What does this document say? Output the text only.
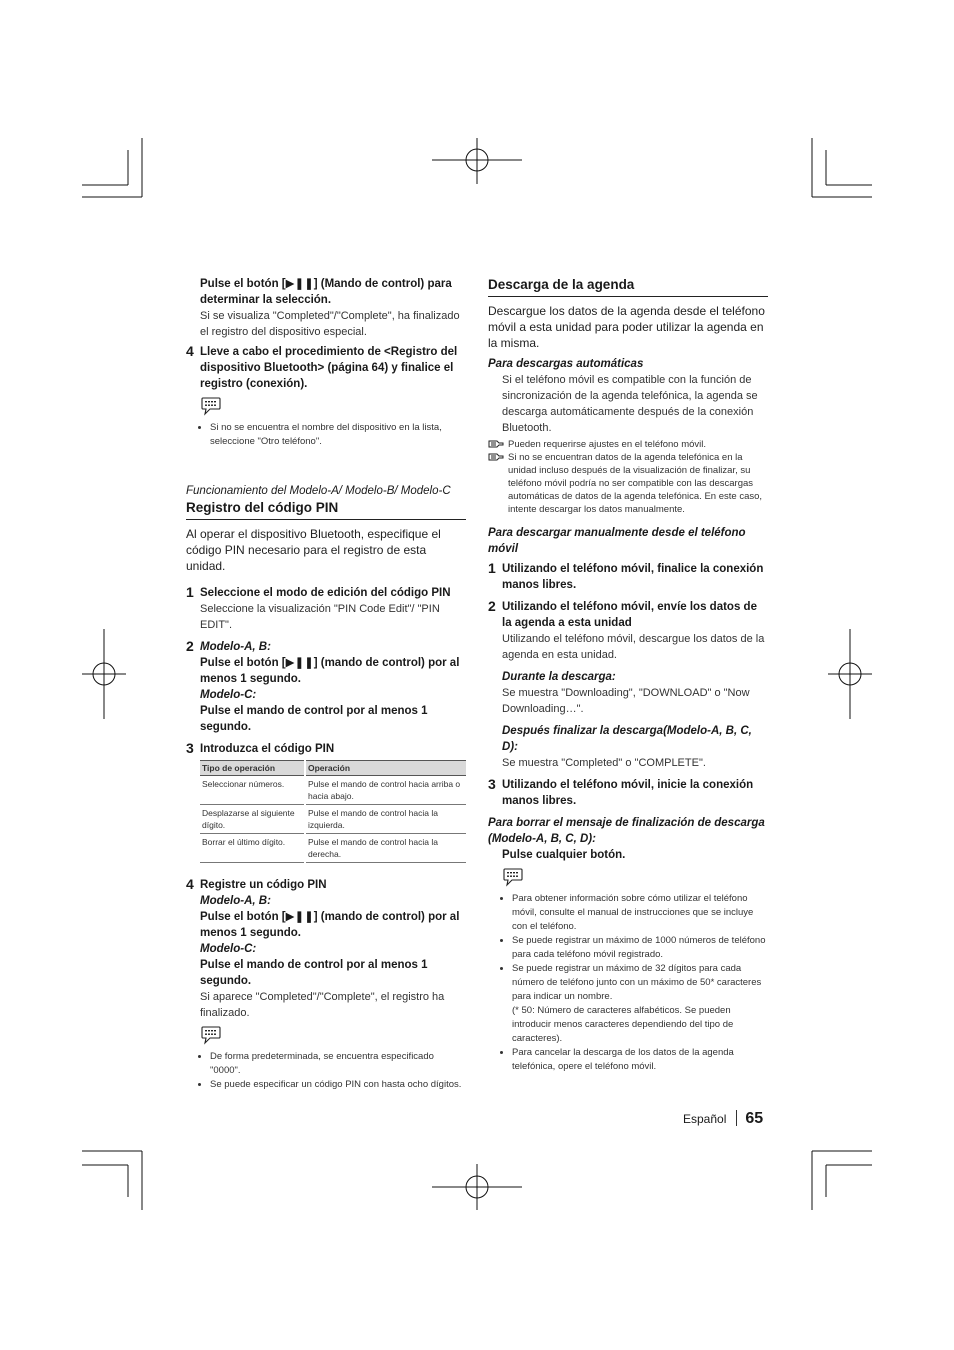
Pulse el botón [▶❚❚] (Mando de control) para determinar la selección.
Si se visualiza "Completed"/"Complete", ha finalizado el registro del dispositivo especial.
4 Lleve a cabo el procedimiento de <Registro del dispositivo Bluetooth> (página 64) y finalice el registro (conexión).
• Si no se encuentra el nombre del dispositivo en la lista, seleccione "Otro teléfono".
Funcionamiento del Modelo-A/ Modelo-B/ Modelo-C
Registro del código PIN
Al operar el dispositivo Bluetooth, especifique el código PIN necesario para el registro de esta unidad.
1 Seleccione el modo de edición del código PIN
Seleccione la visualización "PIN Code Edit"/ "PIN EDIT".
2 Modelo-A, B:
Pulse el botón [▶❚❚] (mando de control) por al menos 1 segundo.
Modelo-C:
Pulse el mando de control por al menos 1 segundo.
3 Introduzca el código PIN
Tipo de operación	Operación
Seleccionar números.	Pulse el mando de control hacia arriba o hacia abajo.
Desplazarse al siguiente dígito.	Pulse el mando de control hacia la izquierda.
Borrar el último dígito.	Pulse el mando de control hacia la derecha.
4 Registre un código PIN
Modelo-A, B:
Pulse el botón [▶❚❚] (mando de control) por al menos 1 segundo.
Modelo-C:
Pulse el mando de control por al menos 1 segundo.
Si aparece "Completed"/"Complete", el registro ha finalizado.
• De forma predeterminada, se encuentra especificado "0000".
• Se puede especificar un código PIN con hasta ocho dígitos.
Descarga de la agenda
Descargue los datos de la agenda desde el teléfono móvil a esta unidad para poder utilizar la agenda en la misma.
Para descargas automáticas
Si el teléfono móvil es compatible con la función de sincronización de la agenda telefónica, la agenda se descarga automáticamente después de la conexión Bluetooth.
Pueden requerirse ajustes en el teléfono móvil.
Si no se encuentran datos de la agenda telefónica en la unidad incluso después de la visualización de finalizar, su teléfono móvil podría no ser compatible con las descargas automáticas de datos de la agenda telefónica. En este caso, intente descargar los datos manualmente.
Para descargar manualmente desde el teléfono móvil
1 Utilizando el teléfono móvil, finalice la conexión manos libres.
2 Utilizando el teléfono móvil, envíe los datos de la agenda a esta unidad
Utilizando el teléfono móvil, descargue los datos de la agenda en esta unidad.
Durante la descarga:
Se muestra "Downloading", "DOWNLOAD" o "Now Downloading…".
Después finalizar la descarga(Modelo-A, B, C, D):
Se muestra "Completed" o "COMPLETE".
3 Utilizando el teléfono móvil, inicie la conexión manos libres.
Para borrar el mensaje de finalización de descarga (Modelo-A, B, C, D):
Pulse cualquier botón.
• Para obtener información sobre cómo utilizar el teléfono móvil, consulte el manual de instrucciones que se incluye con el teléfono.
• Se puede registrar un máximo de 1000 números de teléfono para cada teléfono móvil registrado.
• Se puede registrar un máximo de 32 dígitos para cada número de teléfono junto con un máximo de 50* caracteres para indicar un nombre.
(* 50: Número de caracteres alfabéticos. Se pueden introducir menos caracteres dependiendo del tipo de caracteres).
• Para cancelar la descarga de los datos de la agenda telefónica, opere el teléfono móvil.
Español 65
